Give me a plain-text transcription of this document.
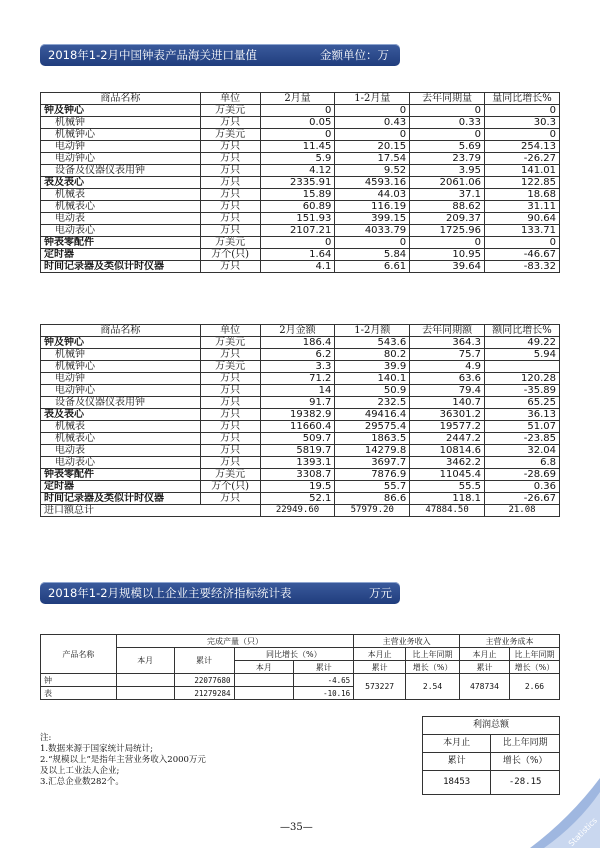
2018年1-2月中国钟表产品海关进口量值	金额单位：万美元
商品名称	单位	2月量	1-2月量	去年同期量	量同比增长%
钟及钟心	万美元	0	0	0	0
机械钟	万只	0.05	0.43	0.33	30.3
机械钟心	万美元	0	0	0	0
电动钟	万只	11.45	20.15	5.69	254.13
电动钟心	万只	5.9	17.54	23.79	-26.27
设备及仪器仪表用钟	万只	4.12	9.52	3.95	141.01
表及表心	万只	2335.91	4593.16	2061.06	122.85
机械表	万只	15.89	44.03	37.1	18.68
机械表心	万只	60.89	116.19	88.62	31.11
电动表	万只	151.93	399.15	209.37	90.64
电动表心	万只	2107.21	4033.79	1725.96	133.71
钟表零配件	万美元	0	0	0	0
定时器	万个(只)	1.64	5.84	10.95	-46.67
时间记录器及类似计时仪器	万只	4.1	6.61	39.64	-83.32
商品名称	单位	2月金额	1-2月额	去年同期额	额同比增长%
钟及钟心	万美元	186.4	543.6	364.3	49.22
机械钟	万只	6.2	80.2	75.7	5.94
机械钟心	万美元	3.3	39.9	4.9	
电动钟	万只	71.2	140.1	63.6	120.28
电动钟心	万只	14	50.9	79.4	-35.89
设备及仪器仪表用钟	万只	91.7	232.5	140.7	65.25
表及表心	万只	19382.9	49416.4	36301.2	36.13
机械表	万只	11660.4	29575.4	19577.2	51.07
机械表心	万只	509.7	1863.5	2447.2	-23.85
电动表	万只	5819.7	14279.8	10814.6	32.04
电动表心	万只	1393.1	3697.7	3462.2	6.8
钟表零配件	万美元	3308.7	7876.9	11045.4	-28.69
定时器	万个(只)	19.5	55.7	55.5	0.36
时间记录器及类似计时仪器	万只	52.1	86.6	118.1	-26.67
进口额总计		22949.60	57979.20	47884.50	21.08
2018年1-2月规模以上企业主要经济指标统计表	万元
产品名称	完成产量（只）				主营业务收入		主营业务成本	
	本月	累计	同比增长（%）		本月止	比上年同期	本月止	比上年同期
			本月	累计	累计	增长（%）	累计	增长（%）
钟		22077680		-4.65	573227	2.54	478734	2.66
表		21279284		-10.16				
利润总额	
本月止	比上年同期
累计	增长（%）
18453	-28.15
注:
1.数据来源于国家统计局统计;
2.“规模以上”是指年主营业务收入2000万元
及以上工业法人企业;
3.汇总企业数282个。
—35—	Statistics
